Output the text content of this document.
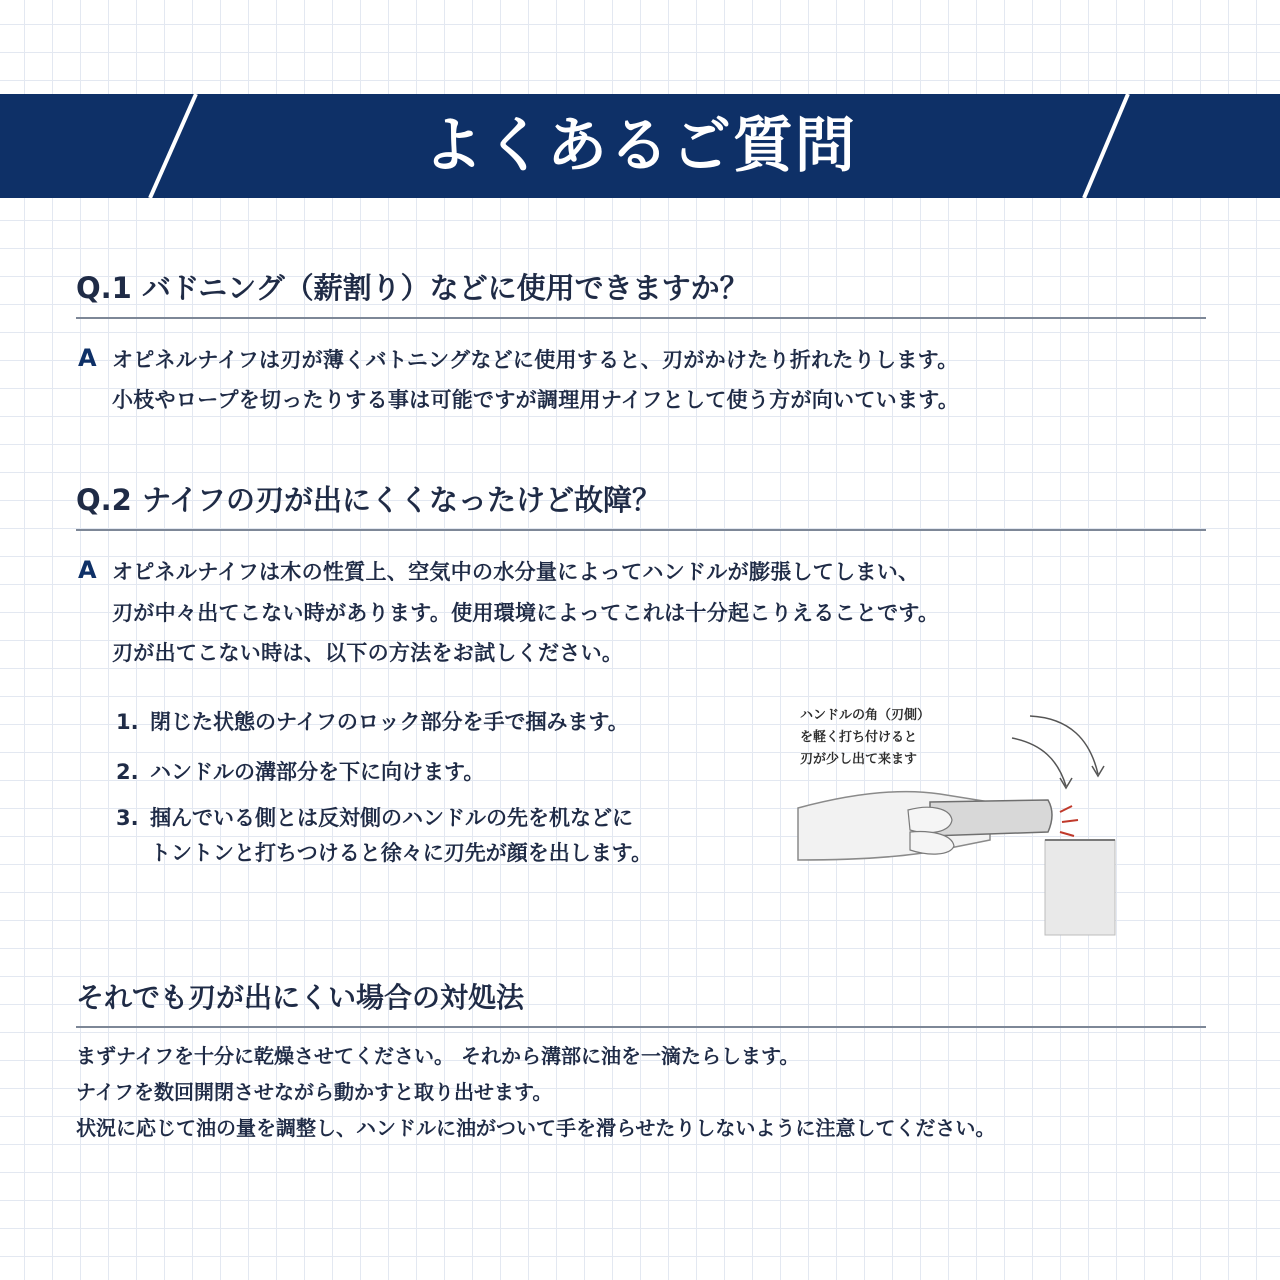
よくあるご質問
Q.1 バドニング（薪割り）などに使用できますか？
A オピネルナイフは刃が薄くバトニングなどに使用すると、刃がかけたり折れたりします。
小枝やロープを切ったりする事は可能ですが調理用ナイフとして使う方が向いています。
Q.2 ナイフの刃が出にくくなったけど故障？
A オピネルナイフは木の性質上、空気中の水分量によってハンドルが膨張してしまい、
刃が中々出てこない時があります。使用環境によってこれは十分起こりえることです。
刃が出てこない時は、以下の方法をお試しください。
1. 閉じた状態のナイフのロック部分を手で掴みます。
2. ハンドルの溝部分を下に向けます。
3. 掴んでいる側とは反対側のハンドルの先を机などに
トントンと打ちつけると徐々に刃先が顔を出します。
ハンドルの角（刃側）
を軽く打ち付けると
刃が少し出て来ます
それでも刃が出にくい場合の対処法
まずナイフを十分に乾燥させてください。 それから溝部に油を一滴たらします。
ナイフを数回開閉させながら動かすと取り出せます。
状況に応じて油の量を調整し、ハンドルに油がついて手を滑らせたりしないように注意してください。
